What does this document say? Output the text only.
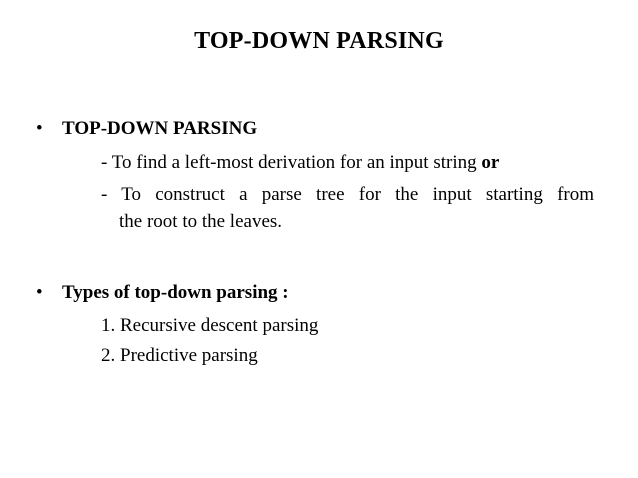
TOP-DOWN PARSING
• TOP-DOWN PARSING
- To find a left-most derivation for an input string or
- To construct a parse tree for the input starting from
the root to the leaves.
• Types of top-down parsing :
1. Recursive descent parsing
2. Predictive parsing
